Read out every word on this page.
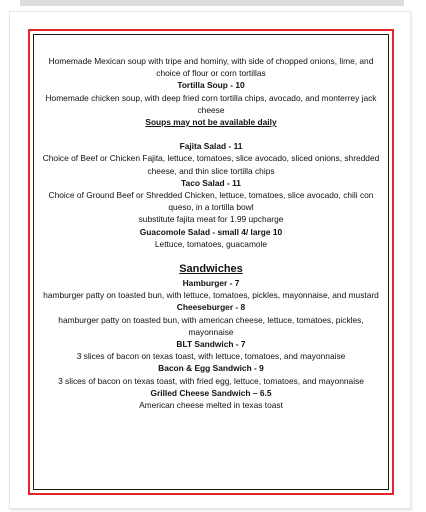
Homemade Mexican soup with tripe and hominy, with side of chopped onions, lime, and choice of flour or corn tortillas

Tortilla Soup - 10

Homemade chicken soup, with deep fried corn tortilla chips, avocado, and monterrey jack cheese

Soups may not be available daily

Fajita Salad - 11

Choice of Beef or Chicken Fajita, lettuce, tomatoes, slice avocado, sliced onions, shredded cheese, and thin slice tortilla chips

Taco Salad - 11

Choice of Ground Beef or Shredded Chicken, lettuce, tomatoes, slice avocado, chili con queso, in a tortilla bowl

substitute fajita meat for 1.99 upcharge

Guacomole Salad - small 4/ large 10

Lettuce, tomatoes, guacamole

Sandwiches

Hamburger - 7

hamburger patty on toasted bun, with lettuce, tomatoes, pickles, mayonnaise, and mustard

Cheeseburger - 8

hamburger patty on toasted bun, with american cheese, lettuce, tomatoes, pickles, mayonnaise

BLT Sandwich - 7

3 slices of bacon on texas toast, with lettuce, tomatoes, and mayonnaise

Bacon & Egg Sandwich - 9

3 slices of bacon on texas toast, with fried egg, lettuce, tomatoes, and mayonnaise

Grilled Cheese Sandwich – 6.5

American cheese melted in texas toast
